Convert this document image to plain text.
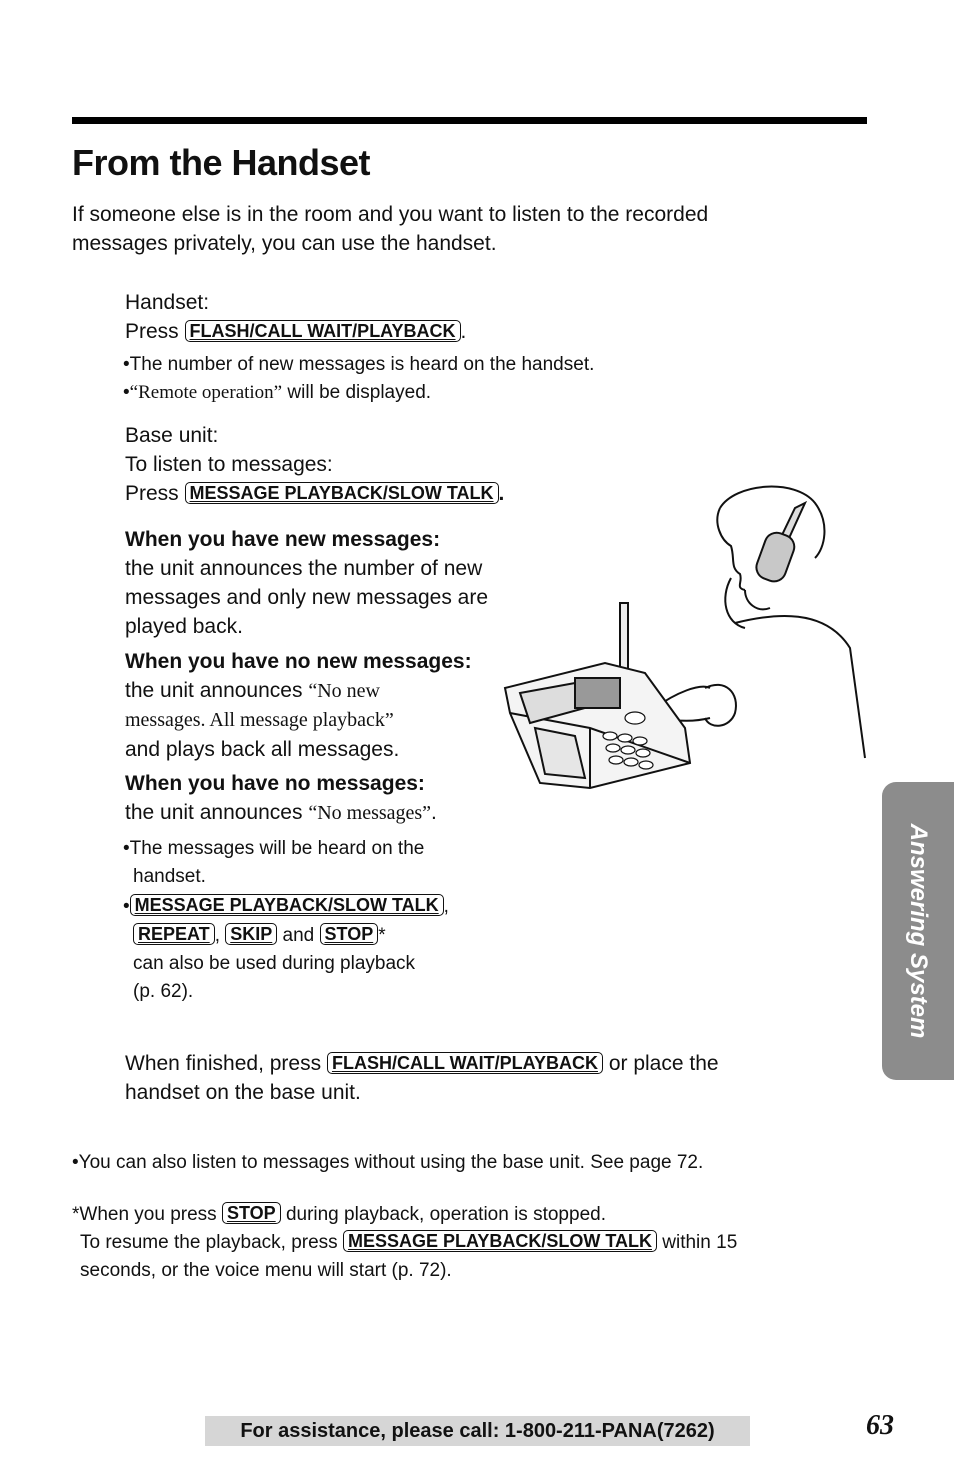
From the Handset
If someone else is in the room and you want to listen to the recorded
messages privately, you can use the handset.
Handset:
Press FLASH/CALL WAIT/PLAYBACK .
•The number of new messages is heard on the handset.
•“Remote operation” will be displayed.
Base unit:
To listen to messages:
Press MESSAGE PLAYBACK/SLOW TALK .
When you have new messages:
the unit announces the number of new
messages and only new messages are
played back.
When you have no new messages:
the unit announces “No new
messages. All message playback”
and plays back all messages.
When you have no messages:
the unit announces “No messages”.
•The messages will be heard on the
handset.
• MESSAGE PLAYBACK/SLOW TALK ,
REPEAT , SKIP and STOP *
can also be used during playback
(p. 62).
When finished, press FLASH/CALL WAIT/PLAYBACK or place the
handset on the base unit.
•You can also listen to messages without using the base unit. See page 72.
*When you press STOP during playback, operation is stopped.
To resume the playback, press MESSAGE PLAYBACK/SLOW TALK within 15
seconds, or the voice menu will start (p. 72).
Answering System
For assistance, please call: 1-800-211-PANA(7262)	63
